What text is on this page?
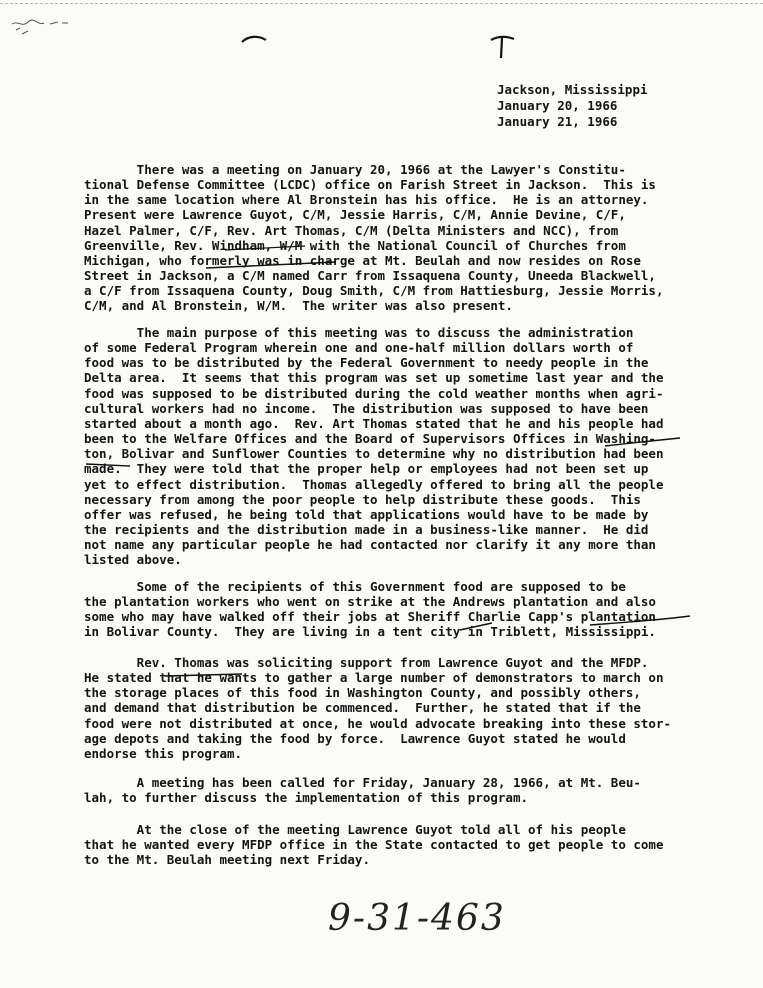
Jackson, Mississippi
January 20, 1966
January 21, 1966
There was a meeting on January 20, 1966 at the Lawyer's Constitu-
tional Defense Committee (LCDC) office on Farish Street in Jackson.  This is
in the same location where Al Bronstein has his office.  He is an attorney.
Present were Lawrence Guyot, C/M, Jessie Harris, C/M, Annie Devine, C/F,
Hazel Palmer, C/F, Rev. Art Thomas, C/M (Delta Ministers and NCC), from
Greenville, Rev. Windham, W/M with the National Council of Churches from
Michigan, who formerly was in charge at Mt. Beulah and now resides on Rose
Street in Jackson, a C/M named Carr from Issaquena County, Uneeda Blackwell,
a C/F from Issaquena County, Doug Smith, C/M from Hattiesburg, Jessie Morris,
C/M, and Al Bronstein, W/M.  The writer was also present.
The main purpose of this meeting was to discuss the administration
of some Federal Program wherein one and one-half million dollars worth of
food was to be distributed by the Federal Government to needy people in the
Delta area.  It seems that this program was set up sometime last year and the
food was supposed to be distributed during the cold weather months when agri-
cultural workers had no income.  The distribution was supposed to have been
started about a month ago.  Rev. Art Thomas stated that he and his people had
been to the Welfare Offices and the Board of Supervisors Offices in Washing-
ton, Bolivar and Sunflower Counties to determine why no distribution had been
made.  They were told that the proper help or employees had not been set up
yet to effect distribution.  Thomas allegedly offered to bring all the people
necessary from among the poor people to help distribute these goods.  This
offer was refused, he being told that applications would have to be made by
the recipients and the distribution made in a business-like manner.  He did
not name any particular people he had contacted nor clarify it any more than
listed above.
Some of the recipients of this Government food are supposed to be
the plantation workers who went on strike at the Andrews plantation and also
some who may have walked off their jobs at Sheriff Charlie Capp's plantation
in Bolivar County.  They are living in a tent city in Triblett, Mississippi.
Rev. Thomas was soliciting support from Lawrence Guyot and the MFDP.
He stated that he wants to gather a large number of demonstrators to march on
the storage places of this food in Washington County, and possibly others,
and demand that distribution be commenced.  Further, he stated that if the
food were not distributed at once, he would advocate breaking into these stor-
age depots and taking the food by force.  Lawrence Guyot stated he would
endorse this program.
A meeting has been called for Friday, January 28, 1966, at Mt. Beu-
lah, to further discuss the implementation of this program.
At the close of the meeting Lawrence Guyot told all of his people
that he wanted every MFDP office in the State contacted to get people to come
to the Mt. Beulah meeting next Friday.
9-31-463
